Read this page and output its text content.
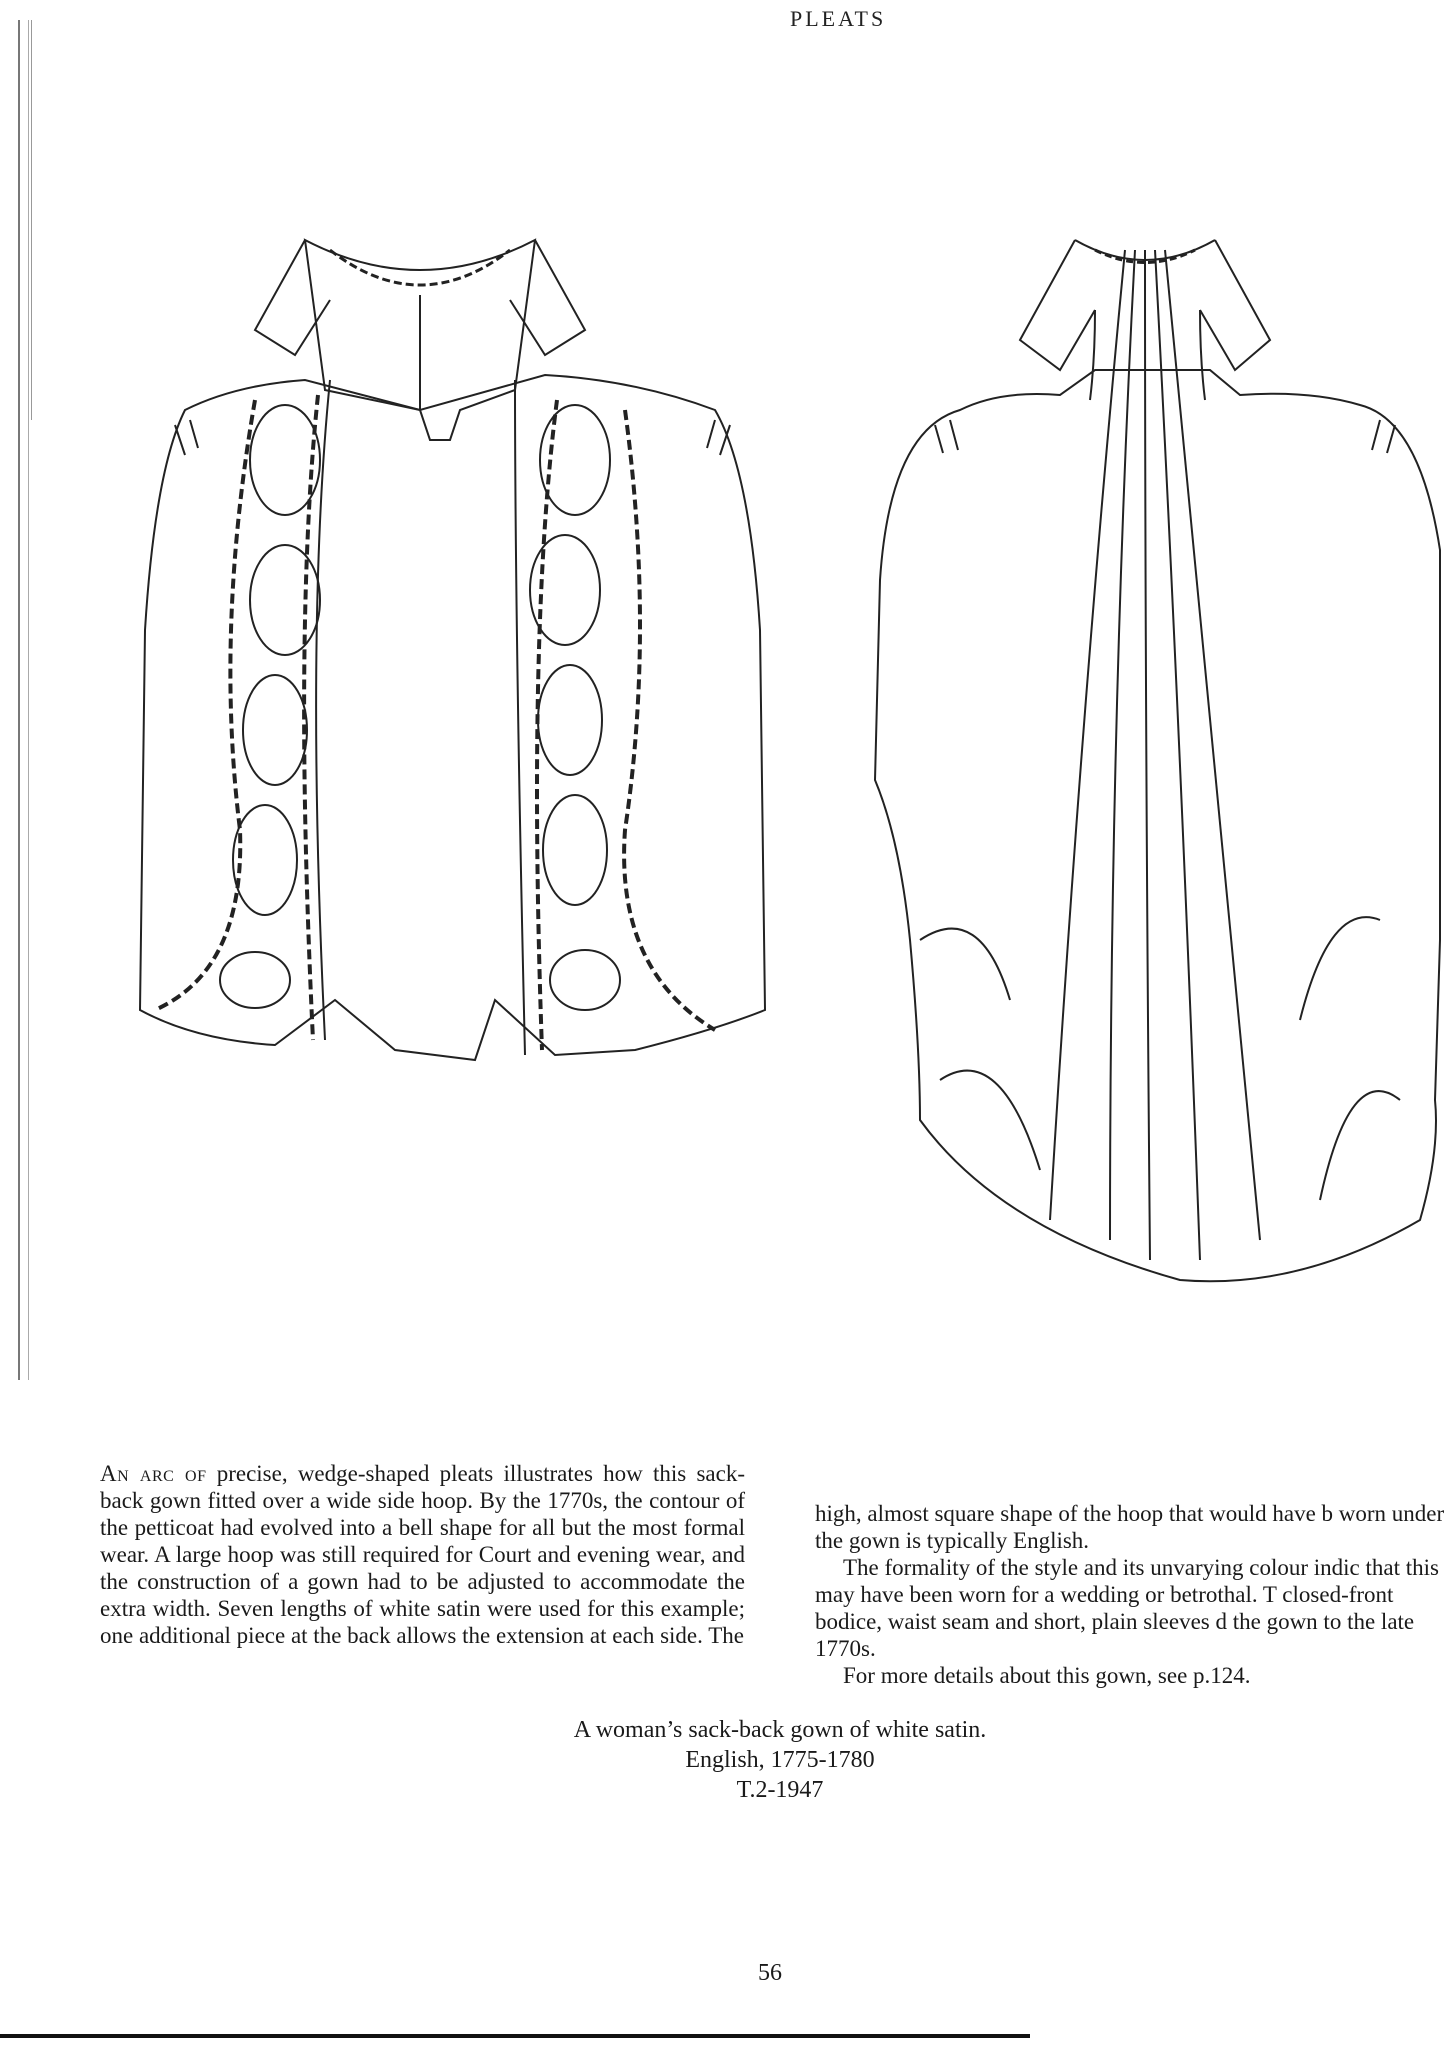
PLEATS

An arc of precise, wedge-shaped pleats illustrates how this sack-back gown fitted over a wide side hoop. By the 1770s, the contour of the petticoat had evolved into a bell shape for all but the most formal wear. A large hoop was still required for Court and evening wear, and the construction of a gown had to be adjusted to accommodate the extra width. Seven lengths of white satin were used for this example; one additional piece at the back allows the extension at each side. The

high, almost square shape of the hoop that would have b worn under the gown is typically English.
The formality of the style and its unvarying colour indic that this may have been worn for a wedding or betrothal. T closed-front bodice, waist seam and short, plain sleeves d the gown to the late 1770s.
For more details about this gown, see p.124.
A woman’s sack-back gown of white satin.
English, 1775-1780
T.2-1947
56
